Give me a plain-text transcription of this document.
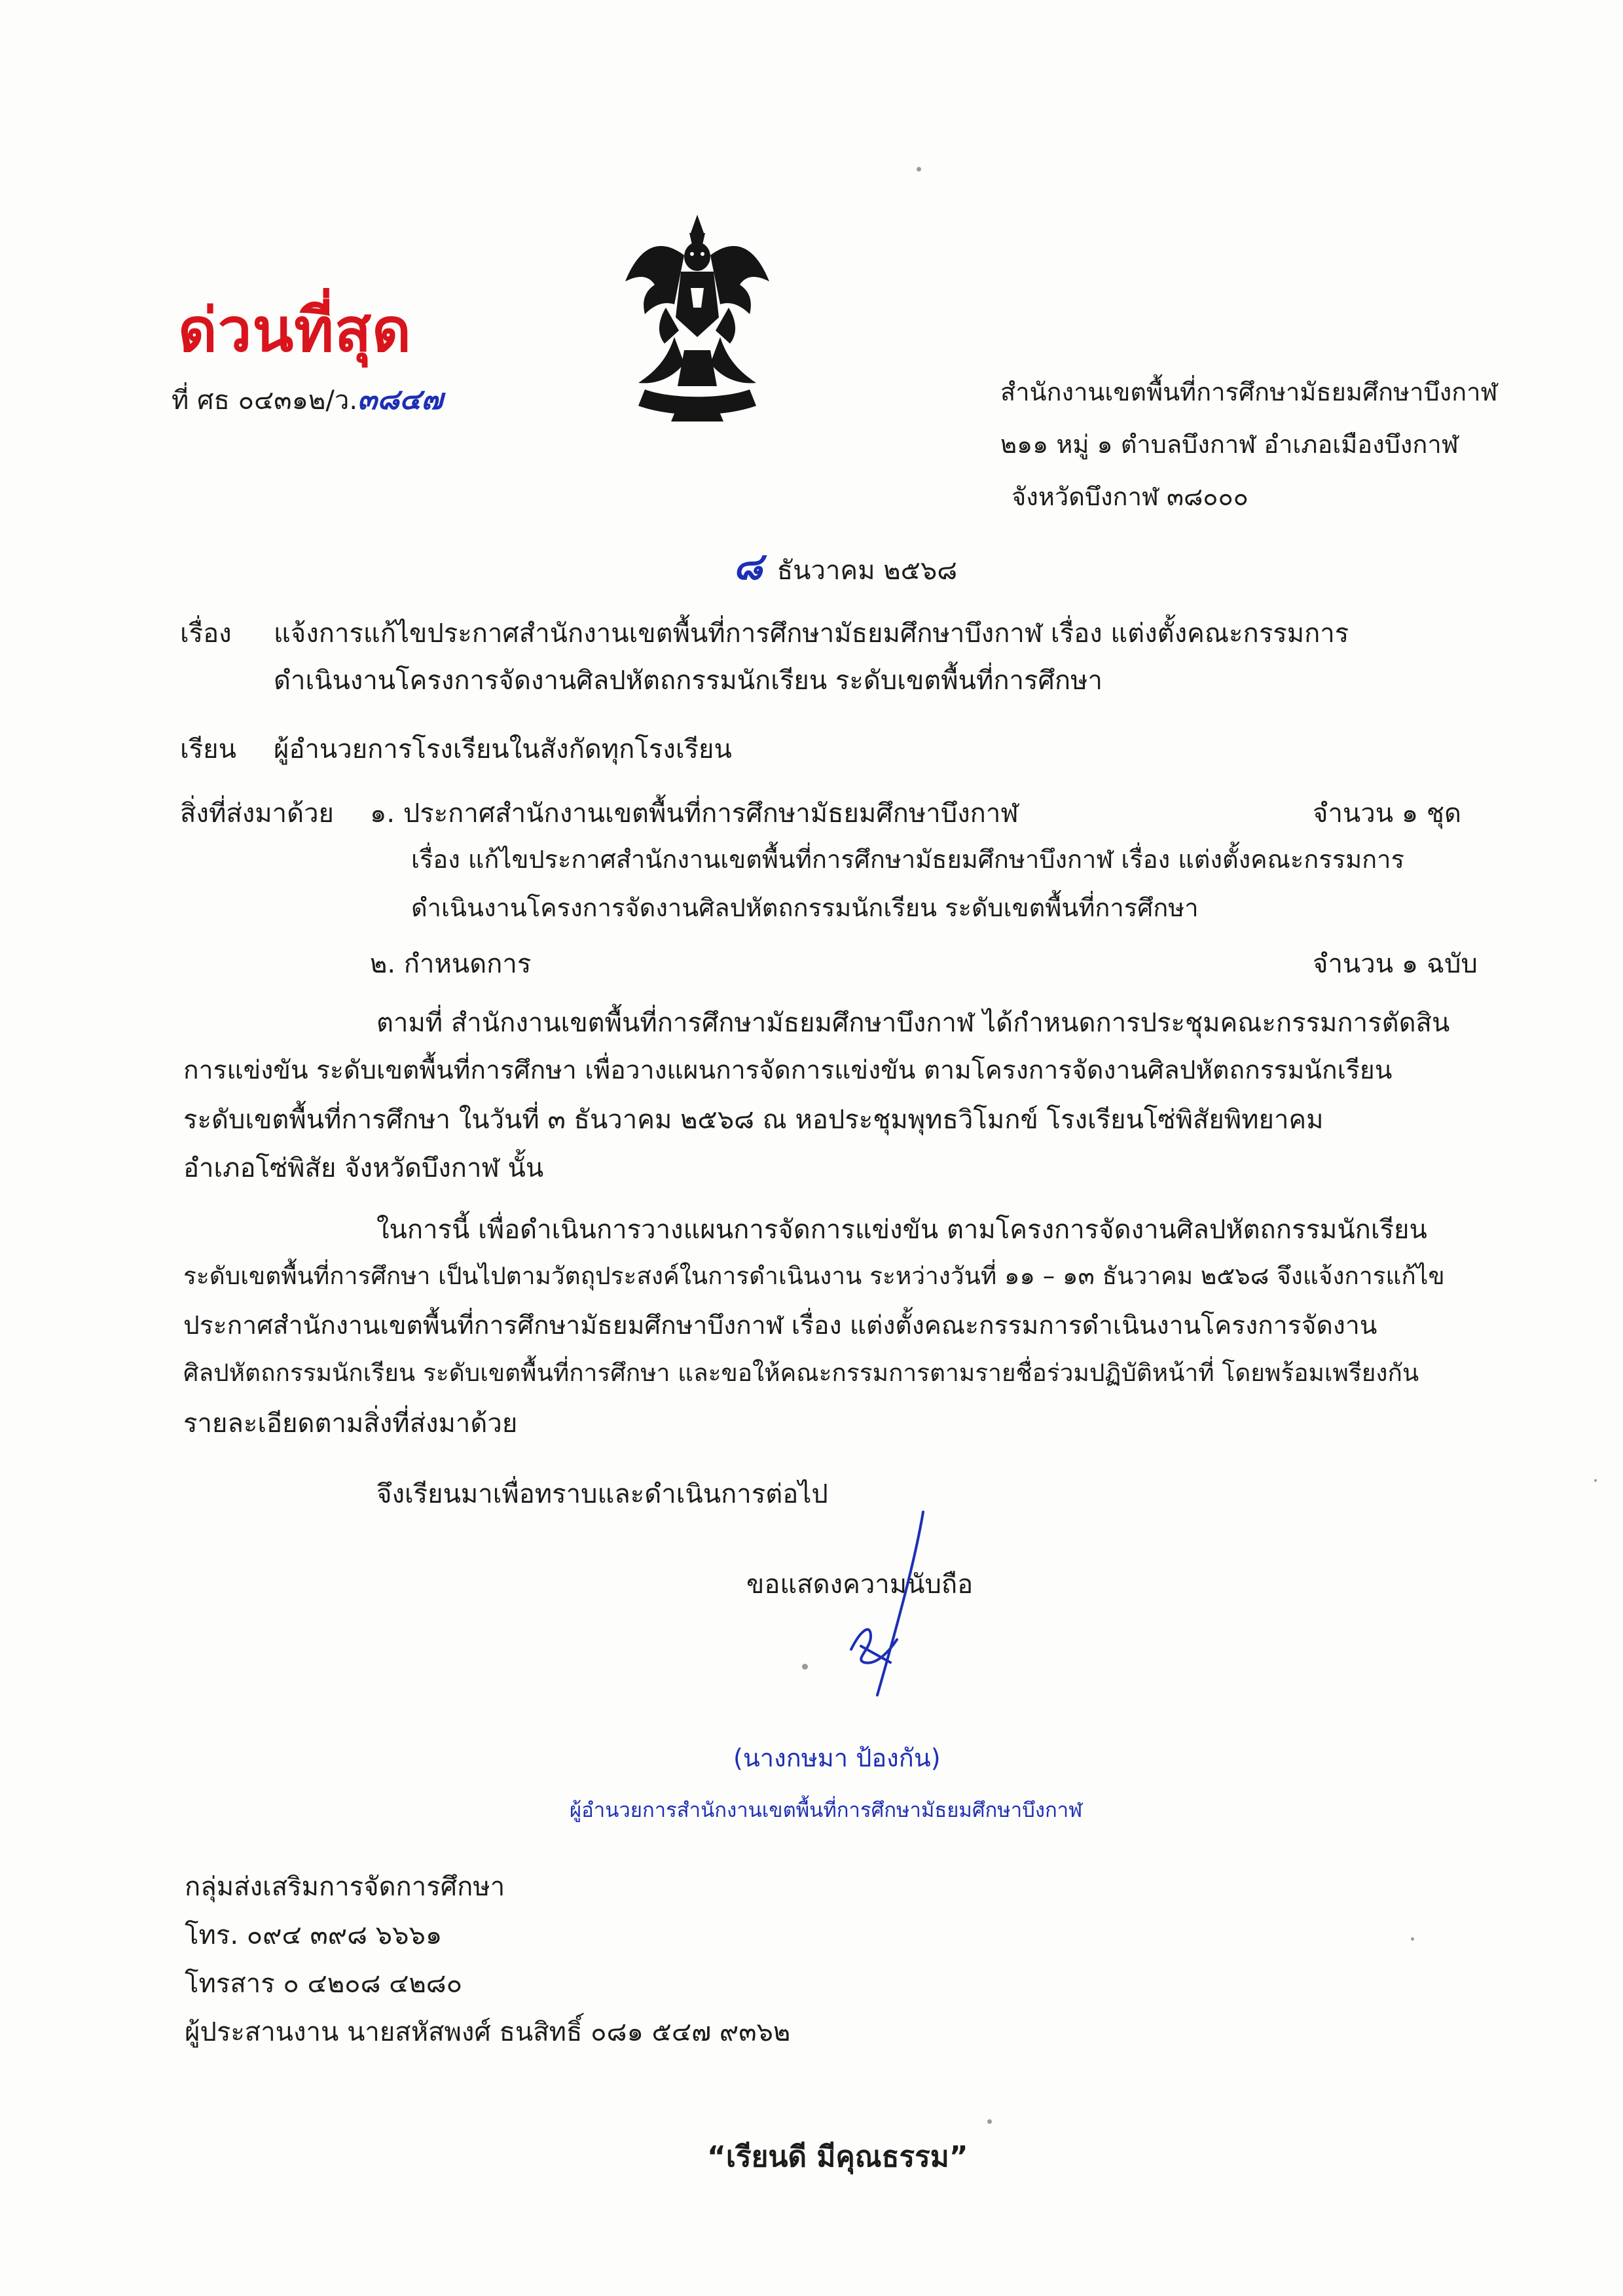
ด่วนที่สุด
ที่ ศธ ๐๔๓๑๒/ว.๓๘๔๗	สำนักงานเขตพื้นที่การศึกษามัธยมศึกษาบึงกาฬ
๒๑๑ หมู่ ๑ ตำบลบึงกาฬ อำเภอเมืองบึงกาฬ
จังหวัดบึงกาฬ ๓๘๐๐๐
๘ ธันวาคม ๒๕๖๘
เรื่อง แจ้งการแก้ไขประกาศสำนักงานเขตพื้นที่การศึกษามัธยมศึกษาบึงกาฬ เรื่อง แต่งตั้งคณะกรรมการ
ดำเนินงานโครงการจัดงานศิลปหัตถกรรมนักเรียน ระดับเขตพื้นที่การศึกษา
เรียน ผู้อำนวยการโรงเรียนในสังกัดทุกโรงเรียน
สิ่งที่ส่งมาด้วย ๑. ประกาศสำนักงานเขตพื้นที่การศึกษามัธยมศึกษาบึงกาฬ	จำนวน ๑ ชุด
เรื่อง แก้ไขประกาศสำนักงานเขตพื้นที่การศึกษามัธยมศึกษาบึงกาฬ เรื่อง แต่งตั้งคณะกรรมการ
ดำเนินงานโครงการจัดงานศิลปหัตถกรรมนักเรียน ระดับเขตพื้นที่การศึกษา
๒. กำหนดการ	จำนวน ๑ ฉบับ
ตามที่ สำนักงานเขตพื้นที่การศึกษามัธยมศึกษาบึงกาฬ ได้กำหนดการประชุมคณะกรรมการตัดสิน
การแข่งขัน ระดับเขตพื้นที่การศึกษา เพื่อวางแผนการจัดการแข่งขัน ตามโครงการจัดงานศิลปหัตถกรรมนักเรียน
ระดับเขตพื้นที่การศึกษา ในวันที่ ๓ ธันวาคม ๒๕๖๘ ณ หอประชุมพุทธวิโมกข์ โรงเรียนโซ่พิสัยพิทยาคม
อำเภอโซ่พิสัย จังหวัดบึงกาฬ นั้น
ในการนี้ เพื่อดำเนินการวางแผนการจัดการแข่งขัน ตามโครงการจัดงานศิลปหัตถกรรมนักเรียน
ระดับเขตพื้นที่การศึกษา เป็นไปตามวัตถุประสงค์ในการดำเนินงาน ระหว่างวันที่ ๑๑ – ๑๓ ธันวาคม ๒๕๖๘ จึงแจ้งการแก้ไข
ประกาศสำนักงานเขตพื้นที่การศึกษามัธยมศึกษาบึงกาฬ เรื่อง แต่งตั้งคณะกรรมการดำเนินงานโครงการจัดงาน
ศิลปหัตถกรรมนักเรียน ระดับเขตพื้นที่การศึกษา และขอให้คณะกรรมการตามรายชื่อร่วมปฏิบัติหน้าที่ โดยพร้อมเพรียงกัน
รายละเอียดตามสิ่งที่ส่งมาด้วย
จึงเรียนมาเพื่อทราบและดำเนินการต่อไป
ขอแสดงความนับถือ
(นางกษมา ป้องกัน)
ผู้อำนวยการสำนักงานเขตพื้นที่การศึกษามัธยมศึกษาบึงกาฬ
กลุ่มส่งเสริมการจัดการศึกษา
โทร. ๐๙๔ ๓๙๘ ๖๖๖๑
โทรสาร ๐ ๔๒๐๘ ๔๒๘๐
ผู้ประสานงาน นายสหัสพงศ์ ธนสิทธิ์ ๐๘๑ ๕๔๗ ๙๓๖๒
“เรียนดี มีคุณธรรม”
